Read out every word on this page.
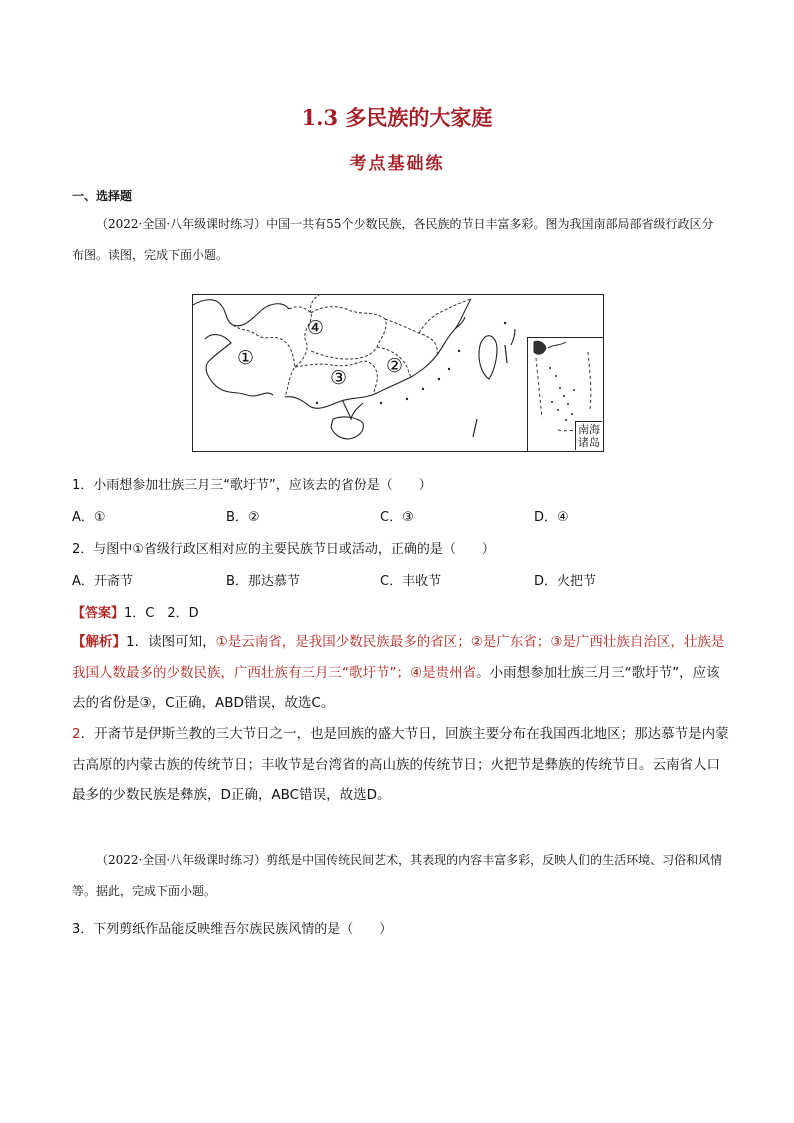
1.3 多民族的大家庭
考点基础练
一、选择题
（2022·全国·八年级课时练习）中国一共有55个少数民族，各民族的节日丰富多彩。图为我国南部局部省级行政区分布图。读图，完成下面小题。
①
④
③
②
南海
诸岛
1．小雨想参加壮族三月三“歌圩节”，应该去的省份是（　　）
A．①	B．②	C．③	D．④
2．与图中①省级行政区相对应的主要民族节日或活动，正确的是（　　）
A．开斋节	B．那达慕节	C．丰收节	D．火把节
【答案】1．C　2．D
【解析】1．读图可知，①是云南省，是我国少数民族最多的省区；②是广东省；③是广西壮族自治区，壮族是我国人数最多的少数民族，广西壮族有三月三“歌圩节”；④是贵州省。小雨想参加壮族三月三“歌圩节”，应该去的省份是③，C正确，ABD错误，故选C。
2．开斋节是伊斯兰教的三大节日之一，也是回族的盛大节日，回族主要分布在我国西北地区；那达慕节是内蒙古高原的内蒙古族的传统节日；丰收节是台湾省的高山族的传统节日；火把节是彝族的传统节日。云南省人口最多的少数民族是彝族，D正确，ABC错误，故选D。
（2022·全国·八年级课时练习）剪纸是中国传统民间艺术，其表现的内容丰富多彩，反映人们的生活环境、习俗和风情等。据此，完成下面小题。
3．下列剪纸作品能反映维吾尔族民族风情的是（　　）
